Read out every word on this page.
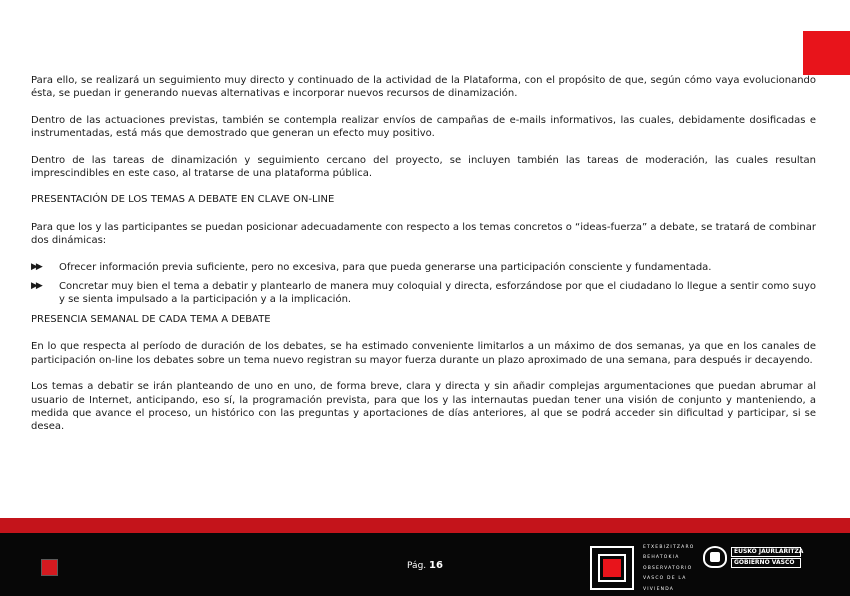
Para ello, se realizará un seguimiento muy directo y continuado de la actividad de la Plataforma, con el propósito de que, según cómo vaya evolucionando ésta, se puedan ir generando nuevas alternativas e incorporar nuevos recursos de dinamización.

Dentro de las actuaciones previstas, también se contempla realizar envíos de campañas de e-mails informativos, las cuales, debidamente dosificadas e instrumentadas, está más que demostrado que generan un efecto muy positivo.

Dentro de las tareas de dinamización y seguimiento cercano del proyecto, se incluyen también las tareas de moderación, las cuales resultan imprescindibles en este caso, al tratarse de una plataforma pública.

PRESENTACIÓN DE LOS TEMAS A DEBATE EN CLAVE ON-LINE

Para que los y las participantes se puedan posicionar adecuadamente con respecto a los temas concretos o “ideas-fuerza” a debate, se tratará de combinar dos dinámicas:

▶▶ Ofrecer información previa suficiente, pero no excesiva, para que pueda generarse una participación consciente y fundamentada.
▶▶ Concretar muy bien el tema a debatir y plantearlo de manera muy coloquial y directa, esforzándose por que el ciudadano lo llegue a sentir como suyo y se sienta impulsado a la participación y a la implicación.

PRESENCIA SEMANAL DE CADA TEMA A DEBATE

En lo que respecta al período de duración de los debates, se ha estimado conveniente limitarlos a un máximo de dos semanas, ya que en los canales de participación on-line los debates sobre un tema nuevo registran su mayor fuerza durante un plazo aproximado de una semana, para después ir decayendo.

Los temas a debatir se irán planteando de uno en uno, de forma breve, clara y directa y sin añadir complejas argumentaciones que puedan abrumar al usuario de Internet, anticipando, eso sí, la programación prevista, para que los y las internautas puedan tener una visión de conjunto y manteniendo, a medida que avance el proceso, un histórico con las preguntas y aportaciones de días anteriores, al que se podrá acceder sin dificultad y participar, si se desea.

Pág. 16
ETXEBIZITZARO
BEHATOKIA
OBSERVATORIO
VASCO DE LA
VIVIENDA
EUSKO JAURLARITZA
GOBIERNO VASCO
